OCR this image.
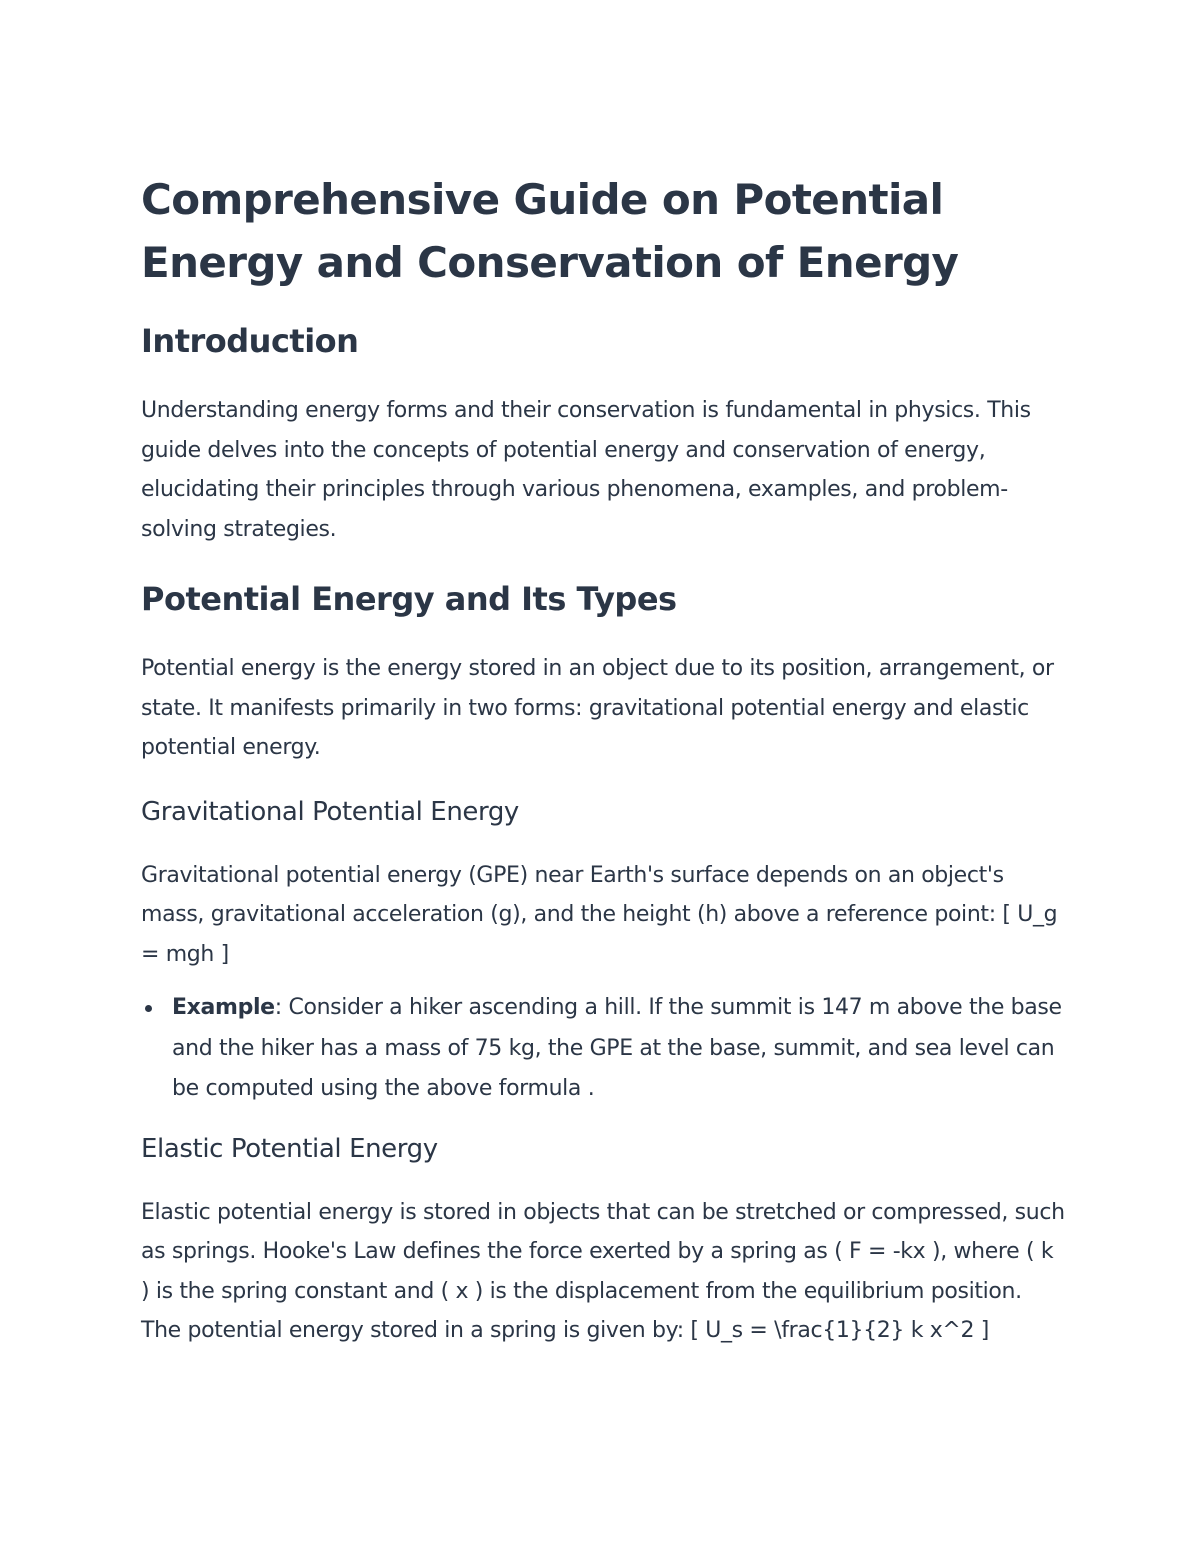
Comprehensive Guide on Potential Energy and Conservation of Energy
Introduction

Understanding energy forms and their conservation is fundamental in physics. This guide delves into the concepts of potential energy and conservation of energy, elucidating their principles through various phenomena, examples, and problem-solving strategies.

Potential Energy and Its Types

Potential energy is the energy stored in an object due to its position, arrangement, or state. It manifests primarily in two forms: gravitational potential energy and elastic potential energy.

Gravitational Potential Energy

Gravitational potential energy (GPE) near Earth's surface depends on an object's mass, gravitational acceleration (g), and the height (h) above a reference point: [ U_g = mgh ]

Example: Consider a hiker ascending a hill. If the summit is 147 m above the base and the hiker has a mass of 75 kg, the GPE at the base, summit, and sea level can be computed using the above formula .
Elastic Potential Energy

Elastic potential energy is stored in objects that can be stretched or compressed, such as springs. Hooke's Law defines the force exerted by a spring as ( F = -kx ), where ( k ) is the spring constant and ( x ) is the displacement from the equilibrium position. The potential energy stored in a spring is given by: [ U_s = \frac{1}{2} k x^2 ]
